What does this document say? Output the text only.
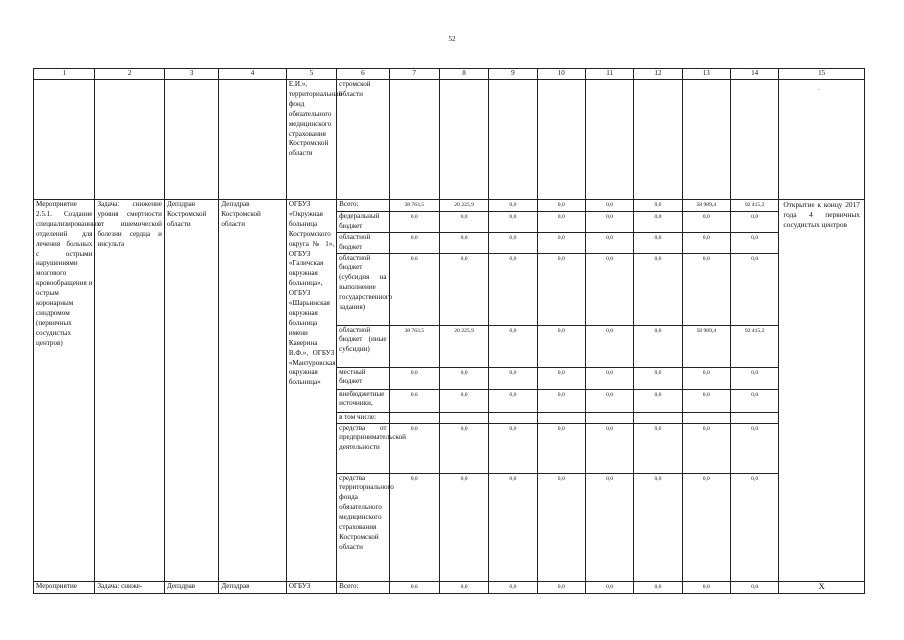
52
·
·
1	2	3	4	5	6	7	8	9	10	11	12	13	14	15
				Е.И.», территориальный фонд обязательного медицинского страхования Костромской области	стромской области									
Мероприятие 2.5.1. Создание специализированных отделений для лечения больных с острыми нарушениями мозгового кровообращения и острым коронарным синдромом (первичных сосудистых центров)	Задача: снижение уровня смертности от ишемической болезни сердца и инсульта	Депздрав Костромской области	Депздрав Костромской области	ОГБУЗ «Окружная больница Костромского округа № 1», ОГБУЗ «Галичская окружная больница», ОГБУЗ «Шарьинская окружная больница имени Каверина В.Ф.», ОГБУЗ «Мантуровская окружная больница»	Всего:	38 763,5	20 225,9	0,0	0,0	0,0	0,0	58 989,4	92 415,2	Открытие к концу 2017 года 4 первичных сосудистых центров
					федеральный бюджет	0,0	0,0	0,0	0,0	0,0	0,0	0,0	0,0	
					областной бюджет	0,0	0,0	0,0	0,0	0,0	0,0	0,0	0,0	
					областной бюджет (субсидия на выполнение государственного задания)	0,0	0,0	0,0	0,0	0,0	0,0	0,0	0,0	
					областной бюджет (иные субсидии)	38 763,5	20 225,9	0,0	0,0	0,0	0,0	58 989,4	92 415,2	
					местный бюджет	0,0	0,0	0,0	0,0	0,0	0,0	0,0	0,0	
					внебюджетные источники,	0,0	0,0	0,0	0,0	0,0	0,0	0,0	0,0	
					в том числе:									
					средства от предпринимательской деятельности	0,0	0,0	0,0	0,0	0,0	0,0	0,0	0,0	
					средства территориального фонда обязательного медицинского страхования Костромской области	0,0	0,0	0,0	0,0	0,0	0,0	0,0	0,0	
Мероприятие	Задача: сниже-	Депздрав	Депздрав	ОГБУЗ	Всего:	0,0	0,0	0,0	0,0	0,0	0,0	0,0	0,0	X
